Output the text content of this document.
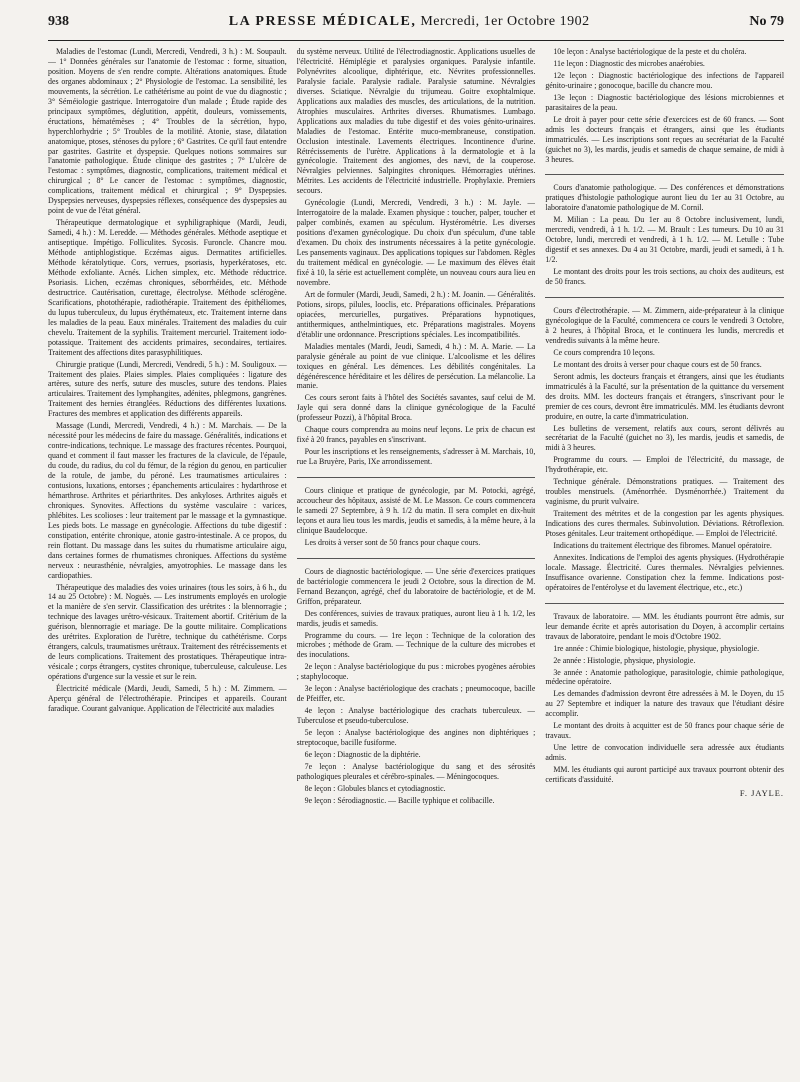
938	LA PRESSE MÉDICALE, Mercredi, 1er Octobre 1902	No 79

Maladies de l'estomac (Lundi, Mercredi, Vendredi, 3 h.) : M. Soupault. — 1° Données générales sur l'anatomie de l'estomac : forme, situation, position. Moyens de s'en rendre compte. Altérations anatomiques. Étude des organes abdominaux ; 2° Physiologie de l'estomac. La sensibilité, les mouvements, la sécrétion. Le cathétérisme au point de vue du diagnostic ; 3° Séméiologie gastrique. Interrogatoire d'un malade ; Étude rapide des principaux symptômes, déglutition, appétit, douleurs, vomissements, éructations, hématémèses ; 4° Troubles de la sécrétion, hypo, hyperchlorhydrie ; 5° Troubles de la motilité. Atonie, stase, dilatation anatomique, ptoses, sténoses du pylore ; 6° Gastrites. Ce qu'il faut entendre par gastrites. Gastrite et dyspepsie. Quelques notions sommaires sur l'anatomie pathologique. Étude clinique des gastrites ; 7° L'ulcère de l'estomac : symptômes, diagnostic, complications, traitement médical et chirurgical ; 8° Le cancer de l'estomac : symptômes, diagnostic, complications, traitement médical et chirurgical ; 9° Dyspepsies. Dyspepsies nerveuses, dyspepsies réflexes, conséquence des dyspepsies au point de vue de l'état général.

Thérapeutique dermatologique et syphiligraphique (Mardi, Jeudi, Samedi, 4 h.) : M. Leredde. — Méthodes générales. Méthode aseptique et antiseptique. Impétigo. Folliculites. Sycosis. Furoncle. Chancre mou. Méthode antiphlogistique. Eczémas aigus. Dermatites artificielles. Méthode kératolytique. Cors, verrues, psoriasis, hyperkératoses, etc. Méthode exfoliante. Acnés. Lichen simplex, etc. Méthode réductrice. Psoriasis. Lichen, eczémas chroniques, séborrhéides, etc. Méthode destructrice. Cautérisation, curettage, électrolyse. Méthode sclérogène. Scarifications, photothérapie, radiothérapie. Traitement des épithéliomes, du lupus tuberculeux, du lupus érythémateux, etc. Traitement interne dans les maladies de la peau. Eaux minérales. Traitement des maladies du cuir chevelu. Traitement de la syphilis. Traitement mercuriel. Traitement iodo-potassique. Traitement des accidents primaires, secondaires, tertiaires. Traitement des affections dites parasyphilitiques.

Chirurgie pratique (Lundi, Mercredi, Vendredi, 5 h.) : M. Souligoux. — Traitement des plaies. Plaies simples. Plaies compliquées : ligature des artères, suture des nerfs, suture des muscles, suture des tendons. Plaies articulaires. Traitement des lymphangites, adénites, phlegmons, gangrènes. Traitement des hernies étranglées. Réductions des différentes luxations. Fractures des membres et application des différents appareils.

Massage (Lundi, Mercredi, Vendredi, 4 h.) : M. Marchais. — De la nécessité pour les médecins de faire du massage. Généralités, indications et contre-indications, technique. Le massage des fractures récentes. Pourquoi, quand et comment il faut masser les fractures de la clavicule, de l'épaule, du coude, du radius, du col du fémur, de la région du genou, en particulier de la rotule, de jambe, du péroné. Les traumatismes articulaires : contusions, luxations, entorses ; épanchements articulaires : hydarthrose et hémarthrose. Arthrites et périarthrites. Des ankyloses. Arthrites aiguës et chroniques. Synovites. Affections du système vasculaire : varices, phlébites. Les scolioses : leur traitement par le massage et la gymnastique. Les pieds bots. Le massage en gynécologie. Affections du tube digestif : constipation, entérite chronique, atonie gastro-intestinale. A ce propos, du rein flottant. Du massage dans les suites du rhumatisme articulaire aigu, dans certaines formes de rhumatismes chroniques. Affections du système nerveux : neurasthénie, névralgies, amyotrophies. Le massage dans les cardiopathies.

Thérapeutique des maladies des voies urinaires (tous les soirs, à 6 h., du 14 au 25 Octobre) : M. Noguès. — Les instruments employés en urologie et la manière de s'en servir. Classification des urétrites : la blennorragie ; technique des lavages urétro-vésicaux. Traitement abortif. Critérium de la guérison, blennorragie et mariage. De la goutte militaire. Complications des urétrites. Exploration de l'urètre, technique du cathétérisme. Corps étrangers, calculs, traumatismes urétraux. Traitement des rétrécissements et de leurs complications. Traitement des prostatiques. Thérapeutique intra-vésicale ; corps étrangers, cystites chronique, tuberculeuse, calculeuse. Les opérations d'urgence sur la vessie et sur le rein.

Électricité médicale (Mardi, Jeudi, Samedi, 5 h.) : M. Zimmern. — Aperçu général de l'électrothérapie. Principes et appareils. Courant faradique. Courant galvanique. Application de l'électricité aux maladies

du système nerveux. Utilité de l'électrodiagnostic. Applications usuelles de l'électricité. Hémiplégie et paralysies organiques. Paralysie infantile. Polynévrites alcoolique, diphtérique, etc. Névrites professionnelles. Paralysie faciale. Paralysie radiale. Paralysie saturnine. Névralgies diverses. Sciatique. Névralgie du trijumeau. Goitre exophtalmique. Applications aux maladies des muscles, des articulations, de la nutrition. Atrophies musculaires. Arthrites diverses. Rhumatismes. Lumbago. Applications aux maladies du tube digestif et des voies génito-urinaires. Maladies de l'estomac. Entérite muco-membraneuse, constipation. Occlusion intestinale. Lavements électriques. Incontinence d'urine. Rétrécissements de l'urètre. Applications à la dermatologie et à la gynécologie. Traitement des angiomes, des nævi, de la couperose. Névralgies pelviennes. Salpingites chroniques. Hémorragies utérines. Métrites. Les accidents de l'électricité industrielle. Prophylaxie. Premiers secours.

Gynécologie (Lundi, Mercredi, Vendredi, 3 h.) : M. Jayle. — Interrogatoire de la malade. Examen physique : toucher, palper, toucher et palper combinés, examen au spéculum. Hystérométrie. Les diverses positions d'examen gynécologique. Du choix d'un spéculum, d'une table d'examen. Du choix des instruments nécessaires à la petite gynécologie. Les pansements vaginaux. Des applications topiques sur l'abdomen. Règles du traitement médical en gynécologie. — Le maximum des élèves était fixé à 10, la série est actuellement complète, un nouveau cours aura lieu en novembre.

Art de formuler (Mardi, Jeudi, Samedi, 2 h.) : M. Joanin. — Généralités. Potions, sirops, pilules, looclis, etc. Préparations officinales. Préparations opiacées, mercurielles, purgatives. Préparations hypnotiques, antithermiques, anthelmintiques, etc. Préparations magistrales. Moyens d'établir une ordonnance. Prescriptions spéciales. Les incompatibilités.

Maladies mentales (Mardi, Jeudi, Samedi, 4 h.) : M. A. Marie. — La paralysie générale au point de vue clinique. L'alcoolisme et les délires toxiques en général. Les démences. Les débilités congénitales. La dégénérescence héréditaire et les délires de persécution. La mélancolie. La manie.

Ces cours seront faits à l'hôtel des Sociétés savantes, sauf celui de M. Jayle qui sera donné dans la clinique gynécologique de la Faculté (professeur Pozzi), à l'hôpital Broca.

Chaque cours comprendra au moins neuf leçons. Le prix de chacun est fixé à 20 francs, payables en s'inscrivant.

Pour les inscriptions et les renseignements, s'adresser à M. Marchais, 10, rue La Bruyère, Paris, IXe arrondissement.

Cours clinique et pratique de gynécologie, par M. Potocki, agrégé, accoucheur des hôpitaux, assisté de M. Le Masson. Ce cours commencera le samedi 27 Septembre, à 9 h. 1/2 du matin. Il sera complet en dix-huit leçons et aura lieu tous les mardis, jeudis et samedis, à la même heure, à la clinique Baudelocque.

Les droits à verser sont de 50 francs pour chaque cours.

Cours de diagnostic bactériologique. — Une série d'exercices pratiques de bactériologie commencera le jeudi 2 Octobre, sous la direction de M. Fernand Bezançon, agrégé, chef du laboratoire de bactériologie, et de M. Griffon, préparateur.

Des conférences, suivies de travaux pratiques, auront lieu à 1 h. 1/2, les mardis, jeudis et samedis.

Programme du cours. — 1re leçon : Technique de la coloration des microbes ; méthode de Gram. — Technique de la culture des microbes et des inoculations.

2e leçon : Analyse bactériologique du pus : microbes pyogènes aérobies ; staphylocoque.

3e leçon : Analyse bactériologique des crachats ; pneumocoque, bacille de Pfeiffer, etc.

4e leçon : Analyse bactériologique des crachats tuberculeux. — Tuberculose et pseudo-tuberculose.

5e leçon : Analyse bactériologique des angines non diphtériques ; streptocoque, bacille fusiforme.

6e leçon : Diagnostic de la diphtérie.

7e leçon : Analyse bactériologique du sang et des sérosités pathologiques pleurales et cérébro-spinales. — Méningocoques.

8e leçon : Globules blancs et cytodiagnostic.

9e leçon : Sérodiagnostic. — Bacille typhique et colibacille.

10e leçon : Analyse bactériologique de la peste et du choléra.

11e leçon : Diagnostic des microbes anaérobies.

12e leçon : Diagnostic bactériologique des infections de l'appareil génito-urinaire ; gonocoque, bacille du chancre mou.

13e leçon : Diagnostic bactériologique des lésions microbiennes et parasitaires de la peau.

Le droit à payer pour cette série d'exercices est de 60 francs. — Sont admis les docteurs français et étrangers, ainsi que les étudiants immatriculés. — Les inscriptions sont reçues au secrétariat de la Faculté (guichet no 3), les mardis, jeudis et samedis de chaque semaine, de midi à 3 heures.

Cours d'anatomie pathologique. — Des conférences et démonstrations pratiques d'histologie pathologique auront lieu du 1er au 31 Octobre, au laboratoire d'anatomie pathologique de M. Cornil.

M. Milian : La peau. Du 1er au 8 Octobre inclusivement, lundi, mercredi, vendredi, à 1 h. 1/2. — M. Brault : Les tumeurs. Du 10 au 31 Octobre, lundi, mercredi et vendredi, à 1 h. 1/2. — M. Letulle : Tube digestif et ses annexes. Du 4 au 31 Octobre, mardi, jeudi et samedi, à 1 h. 1/2.

Le montant des droits pour les trois sections, au choix des auditeurs, est de 50 francs.

Cours d'électrothérapie. — M. Zimmern, aide-préparateur à la clinique gynécologique de la Faculté, commencera ce cours le vendredi 3 Octobre, à 2 heures, à l'hôpital Broca, et le continuera les lundis, mercredis et vendredis suivants à la même heure.

Ce cours comprendra 10 leçons.

Le montant des droits à verser pour chaque cours est de 50 francs.

Seront admis, les docteurs français et étrangers, ainsi que les étudiants immatriculés à la Faculté, sur la présentation de la quittance du versement des droits. MM. les docteurs français et étrangers, s'inscrivant pour le premier de ces cours, devront être immatriculés. MM. les étudiants devront produire, en outre, la carte d'immatriculation.

Les bulletins de versement, relatifs aux cours, seront délivrés au secrétariat de la Faculté (guichet no 3), les mardis, jeudis et samedis, de midi à 3 heures.

Programme du cours. — Emploi de l'électricité, du massage, de l'hydrothérapie, etc.

Technique générale. Démonstrations pratiques. — Traitement des troubles menstruels. (Aménorrhée. Dysménorrhée.) Traitement du vaginisme, du prurit vulvaire.

Traitement des métrites et de la congestion par les agents physiques. Indications des cures thermales. Subinvolution. Déviations. Rétroflexion. Ptoses génitales. Leur traitement orthopédique. — Emploi de l'électricité.

Indications du traitement électrique des fibromes. Manuel opératoire.

Annexites. Indications de l'emploi des agents physiques. (Hydrothérapie locale. Massage. Électricité. Cures thermales. Névralgies pelviennes. Insuffisance ovarienne. Constipation chez la femme. Indications post-opératoires de l'entérolyse et du lavement électrique, etc., etc.)

Travaux de laboratoire. — MM. les étudiants pourront être admis, sur leur demande écrite et après autorisation du Doyen, à accomplir certains travaux de laboratoire, pendant le mois d'Octobre 1902.

1re année : Chimie biologique, histologie, physique, physiologie.

2e année : Histologie, physique, physiologie.

3e année : Anatomie pathologique, parasitologie, chimie pathologique, médecine opératoire.

Les demandes d'admission devront être adressées à M. le Doyen, du 15 au 27 Septembre et indiquer la nature des travaux que l'étudiant désire accomplir.

Le montant des droits à acquitter est de 50 francs pour chaque série de travaux.

Une lettre de convocation individuelle sera adressée aux étudiants admis.

MM. les étudiants qui auront participé aux travaux pourront obtenir des certificats d'assiduité.

F. JAYLE.
